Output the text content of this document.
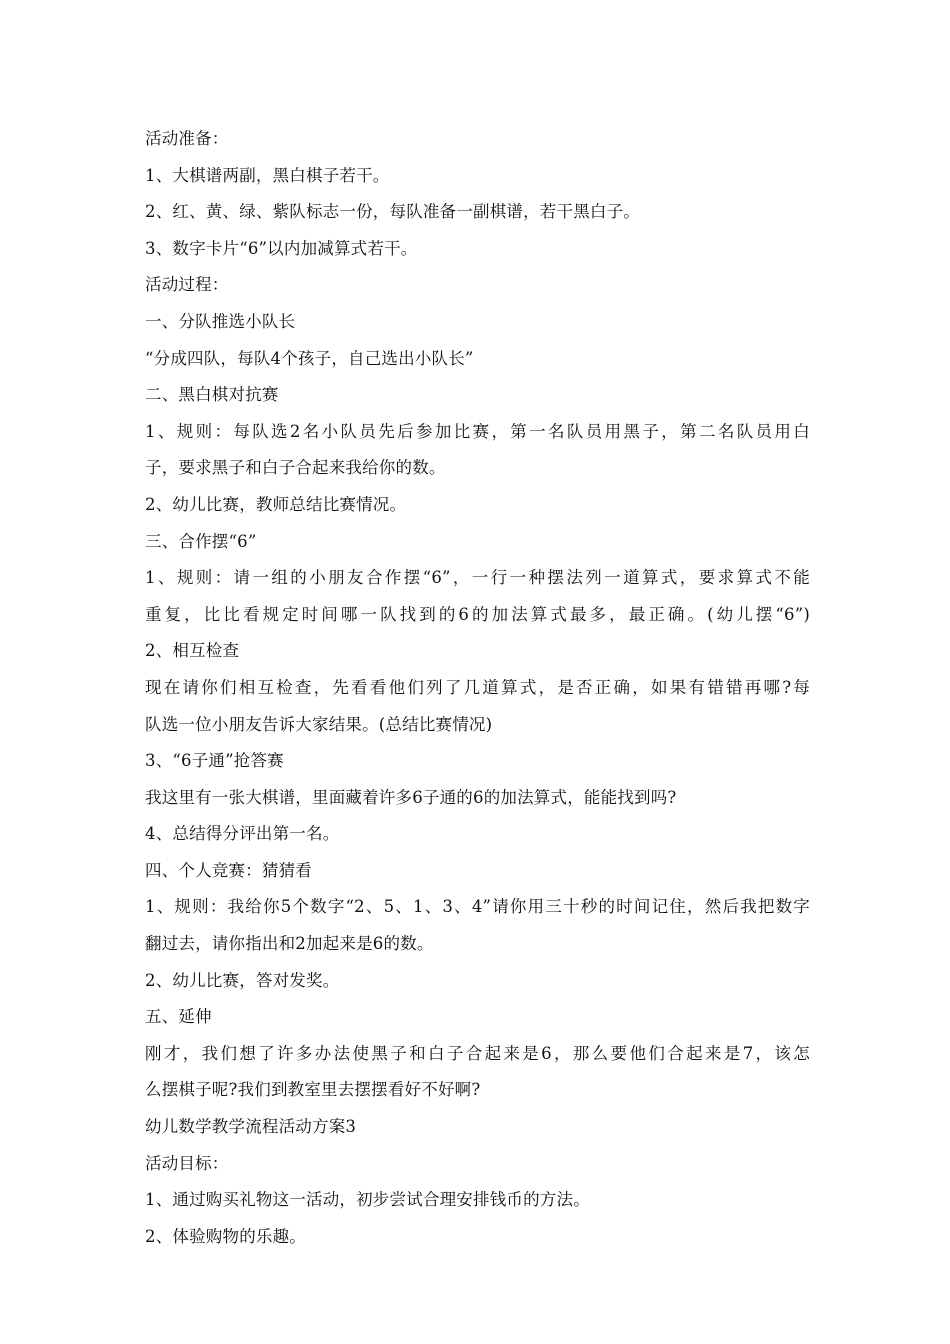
活动准备：
1、大棋谱两副，黑白棋子若干。
2、红、黄、绿、紫队标志一份，每队准备一副棋谱，若干黑白子。
3、数字卡片“6”以内加减算式若干。
活动过程：
一、分队推选小队长
“分成四队，每队4个孩子，自己选出小队长”
二、黑白棋对抗赛
1、规则：每队选2名小队员先后参加比赛，第一名队员用黑子，第二名队员用白
子，要求黑子和白子合起来我给你的数。
2、幼儿比赛，教师总结比赛情况。
三、合作摆“6”
1、规则：请一组的小朋友合作摆“6”，一行一种摆法列一道算式，要求算式不能
重复，比比看规定时间哪一队找到的6的加法算式最多，最正确。(幼儿摆“6”)
2、相互检查
现在请你们相互检查，先看看他们列了几道算式，是否正确，如果有错错再哪?每
队选一位小朋友告诉大家结果。(总结比赛情况)
3、“6子通”抢答赛
我这里有一张大棋谱，里面藏着许多6子通的6的加法算式，能能找到吗?
4、总结得分评出第一名。
四、个人竞赛：猜猜看
1、规则：我给你5个数字“2、5、1、3、4”请你用三十秒的时间记住，然后我把数字
翻过去，请你指出和2加起来是6的数。
2、幼儿比赛，答对发奖。
五、延伸
刚才，我们想了许多办法使黑子和白子合起来是6，那么要他们合起来是7，该怎
么摆棋子呢?我们到教室里去摆摆看好不好啊?
幼儿数学教学流程活动方案3
活动目标：
1、通过购买礼物这一活动，初步尝试合理安排钱币的方法。
2、体验购物的乐趣。
